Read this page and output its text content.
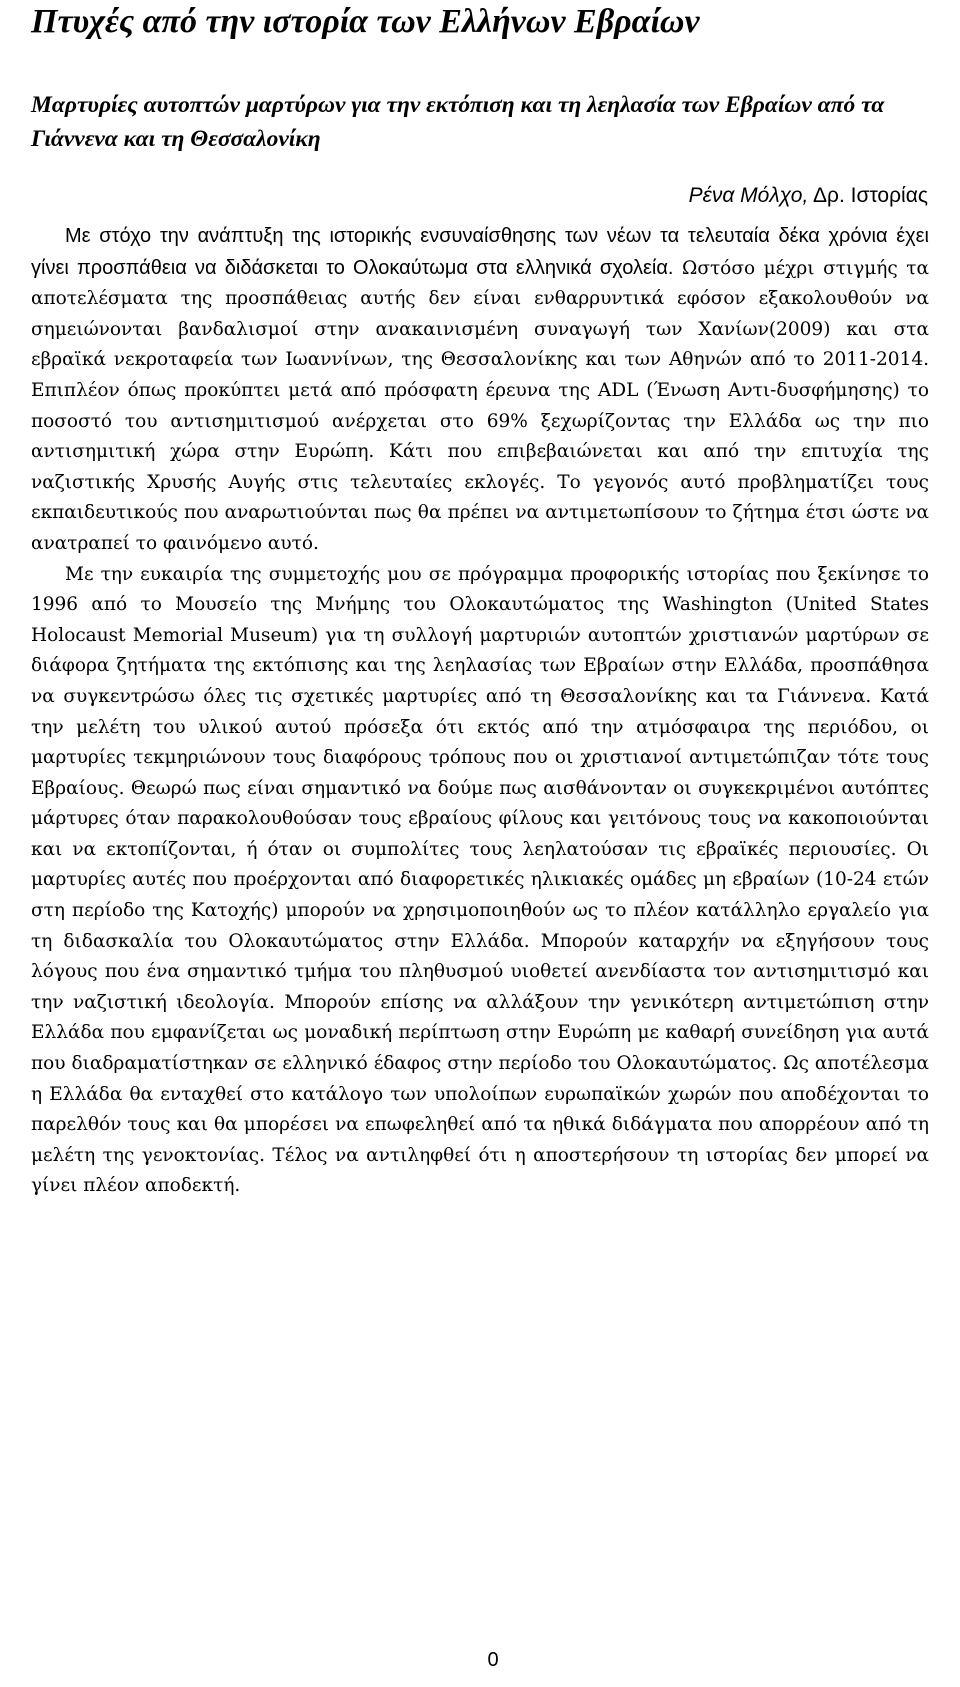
Πτυχές από την ιστορία των Ελλήνων Εβραίων
Μαρτυρίες αυτοπτών μαρτύρων για την εκτόπιση και τη λεηλασία των Εβραίων από τα Γιάννενα και τη Θεσσαλονίκη
Ρένα Μόλχο, Δρ. Ιστορίας

Με στόχο την ανάπτυξη της ιστορικής ενσυναίσθησης των νέων τα τελευταία δέκα χρόνια έχει γίνει προσπάθεια να διδάσκεται το Ολοκαύτωμα στα ελληνικά σχολεία. Ωστόσο μέχρι στιγμής τα αποτελέσματα της προσπάθειας αυτής δεν είναι ενθαρρυντικά εφόσον εξακολουθούν να σημειώνονται βανδαλισμοί στην ανακαινισμένη συναγωγή των Χανίων(2009) και στα εβραϊκά νεκροταφεία των Ιωαννίνων, της Θεσσαλονίκης και των Αθηνών από το 2011-2014. Επιπλέον όπως προκύπτει μετά από πρόσφατη έρευνα της ADL (Ένωση Αντι-δυσφήμησης) το ποσοστό του αντισημιτισμού ανέρχεται στο 69% ξεχωρίζοντας την Ελλάδα ως την πιο αντισημιτική χώρα στην Ευρώπη. Κάτι που επιβεβαιώνεται και από την επιτυχία της ναζιστικής Χρυσής Αυγής στις τελευταίες εκλογές. Το γεγονός αυτό προβληματίζει τους εκπαιδευτικούς που αναρωτιούνται πως θα πρέπει να αντιμετωπίσουν το ζήτημα έτσι ώστε να ανατραπεί το φαινόμενο αυτό.

Με την ευκαιρία της συμμετοχής μου σε πρόγραμμα προφορικής ιστορίας που ξεκίνησε το 1996 από το Μουσείο της Μνήμης του Ολοκαυτώματος της Washington (United States Holocaust Memorial Museum) για τη συλλογή μαρτυριών αυτοπτών χριστιανών μαρτύρων σε διάφορα ζητήματα της εκτόπισης και της λεηλασίας των Εβραίων στην Ελλάδα, προσπάθησα να συγκεντρώσω όλες τις σχετικές μαρτυρίες από τη Θεσσαλονίκης και τα Γιάννενα. Κατά την μελέτη του υλικού αυτού πρόσεξα ότι εκτός από την ατμόσφαιρα της περιόδου, οι μαρτυρίες τεκμηριώνουν τους διαφόρους τρόπους που οι χριστιανοί αντιμετώπιζαν τότε τους Εβραίους. Θεωρώ πως είναι σημαντικό να δούμε πως αισθάνονταν οι συγκεκριμένοι αυτόπτες μάρτυρες όταν παρακολουθούσαν τους εβραίους φίλους και γειτόνους τους να κακοποιούνται και να εκτοπίζονται, ή όταν οι συμπολίτες τους λεηλατούσαν τις εβραϊκές περιουσίες. Οι μαρτυρίες αυτές που προέρχονται από διαφορετικές ηλικιακές ομάδες μη εβραίων (10-24 ετών στη περίοδο της Κατοχής) μπορούν να χρησιμοποιηθούν ως το πλέον κατάλληλο εργαλείο για τη διδασκαλία του Ολοκαυτώματος στην Ελλάδα. Μπορούν καταρχήν να εξηγήσουν τους λόγους που ένα σημαντικό τμήμα του πληθυσμού υιοθετεί ανενδίαστα τον αντισημιτισμό και την ναζιστική ιδεολογία. Μπορούν επίσης να αλλάξουν την γενικότερη αντιμετώπιση στην Ελλάδα που εμφανίζεται ως μοναδική περίπτωση στην Ευρώπη με καθαρή συνείδηση για αυτά που διαδραματίστηκαν σε ελληνικό έδαφος στην περίοδο του Ολοκαυτώματος. Ως αποτέλεσμα η Ελλάδα θα ενταχθεί στο κατάλογο των υπολοίπων ευρωπαϊκών χωρών που αποδέχονται το παρελθόν τους και θα μπορέσει να επωφεληθεί από τα ηθικά διδάγματα που απορρέουν από τη μελέτη της γενοκτονίας. Τέλος να αντιληφθεί ότι η αποστερήσουν τη ιστορίας δεν μπορεί να γίνει πλέον αποδεκτή.

0
